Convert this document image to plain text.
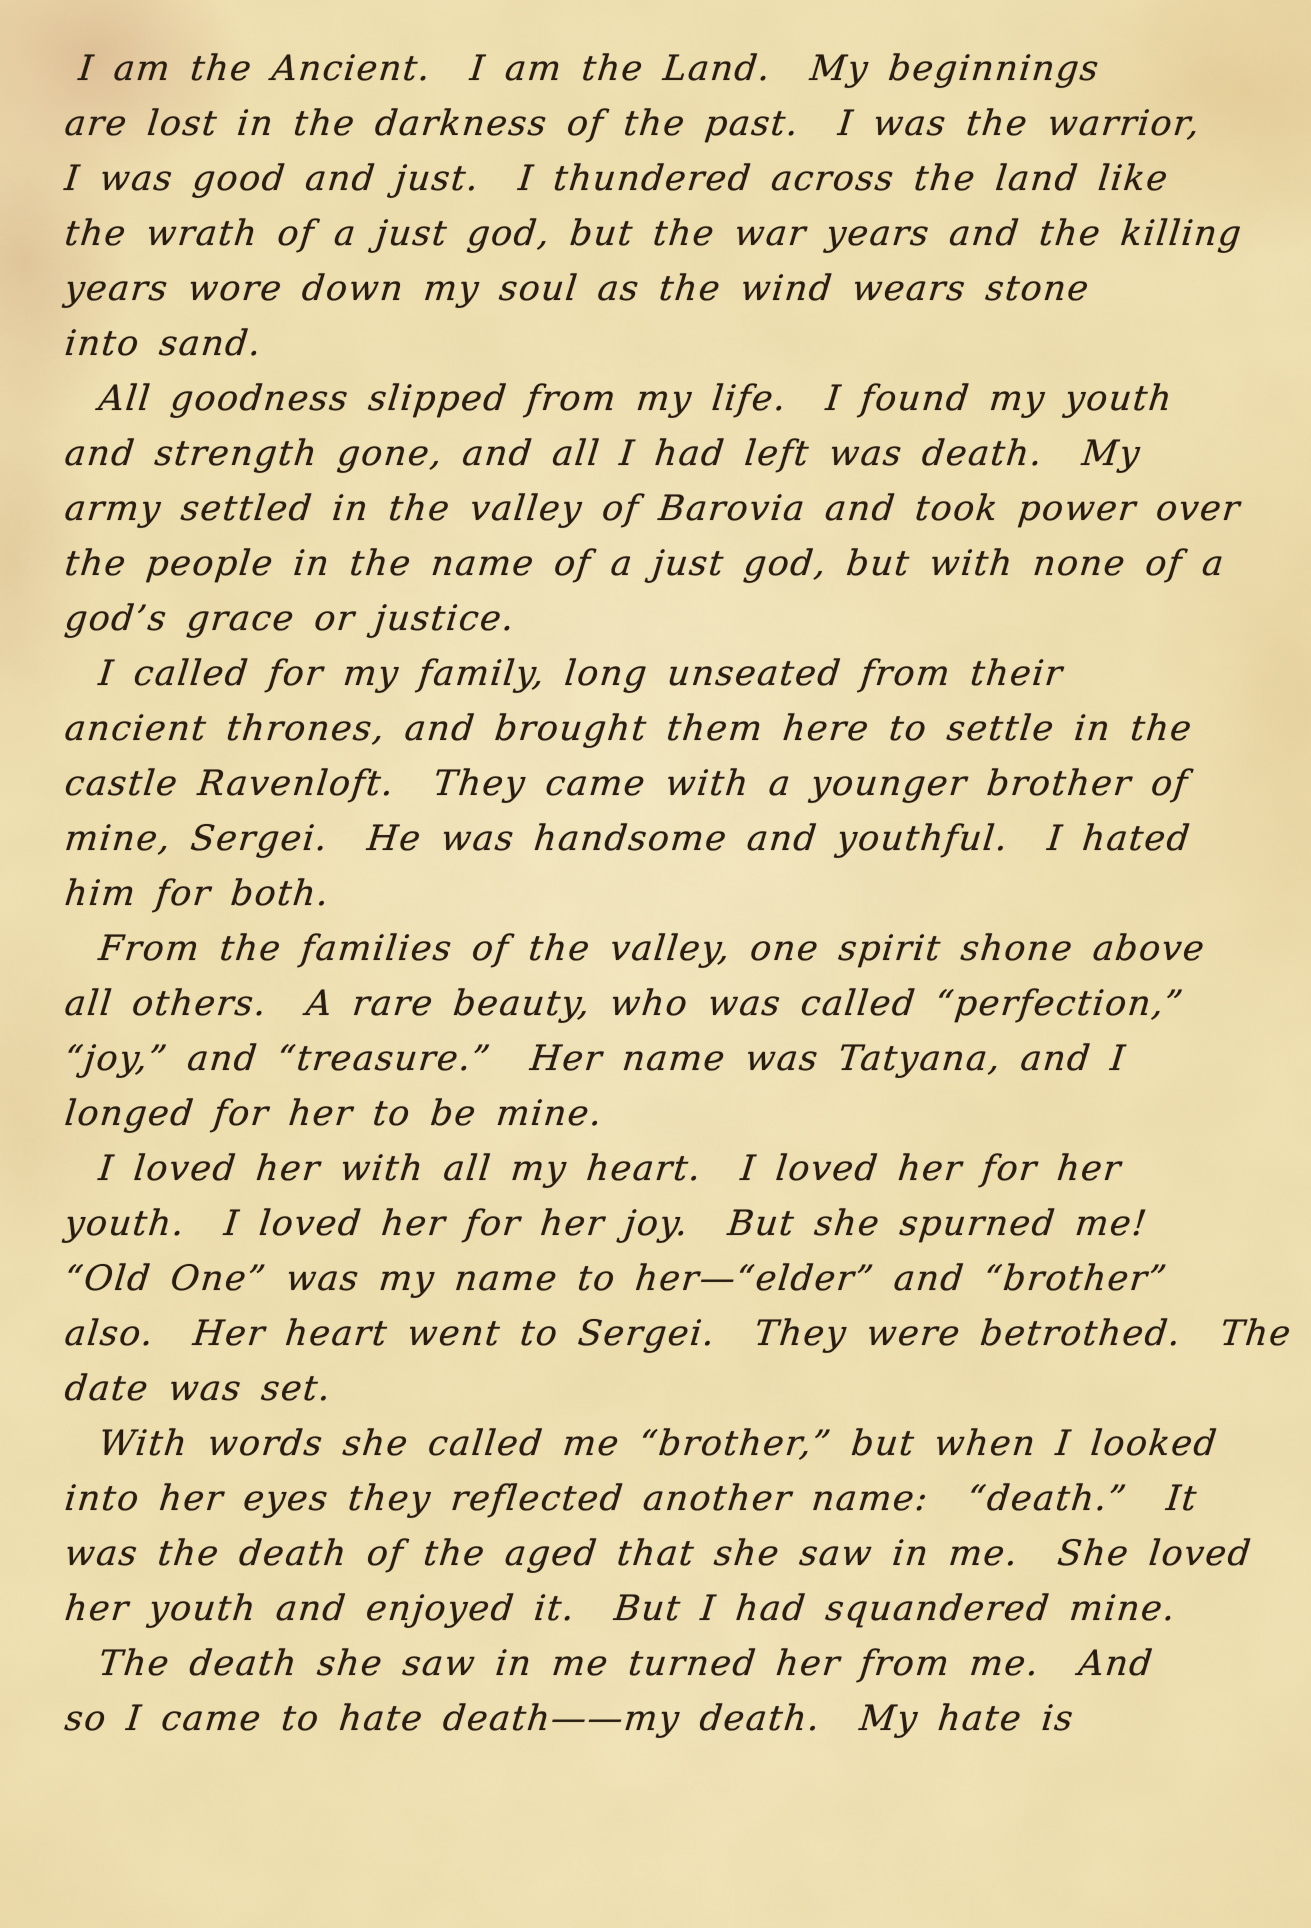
I am the Ancient.  I am the Land.  My beginnings
are lost in the darkness of the past.  I was the warrior,
I was good and just.  I thundered across the land like
the wrath of a just god, but the war years and the killing
years wore down my soul as the wind wears stone
into sand.

All goodness slipped from my life.  I found my youth
and strength gone, and all I had left was death.  My
army settled in the valley of Barovia and took power over
the people in the name of a just god, but with none of a
god’s grace or justice.

I called for my family, long unseated from their
ancient thrones, and brought them here to settle in the
castle Ravenloft.  They came with a younger brother of
mine, Sergei.  He was handsome and youthful.  I hated
him for both.

From the families of the valley, one spirit shone above
all others.  A rare beauty, who was called “perfection,”
“joy,” and “treasure.”  Her name was Tatyana, and I
longed for her to be mine.

I loved her with all my heart.  I loved her for her
youth.  I loved her for her joy.  But she spurned me!
“Old One” was my name to her—“elder” and “brother”
also.  Her heart went to Sergei.  They were betrothed.  The
date was set.

With words she called me “brother,” but when I looked
into her eyes they reflected another name:  “death.”  It
was the death of the aged that she saw in me.  She loved
her youth and enjoyed it.  But I had squandered mine.

The death she saw in me turned her from me.  And
so I came to hate death——my death.  My hate is
